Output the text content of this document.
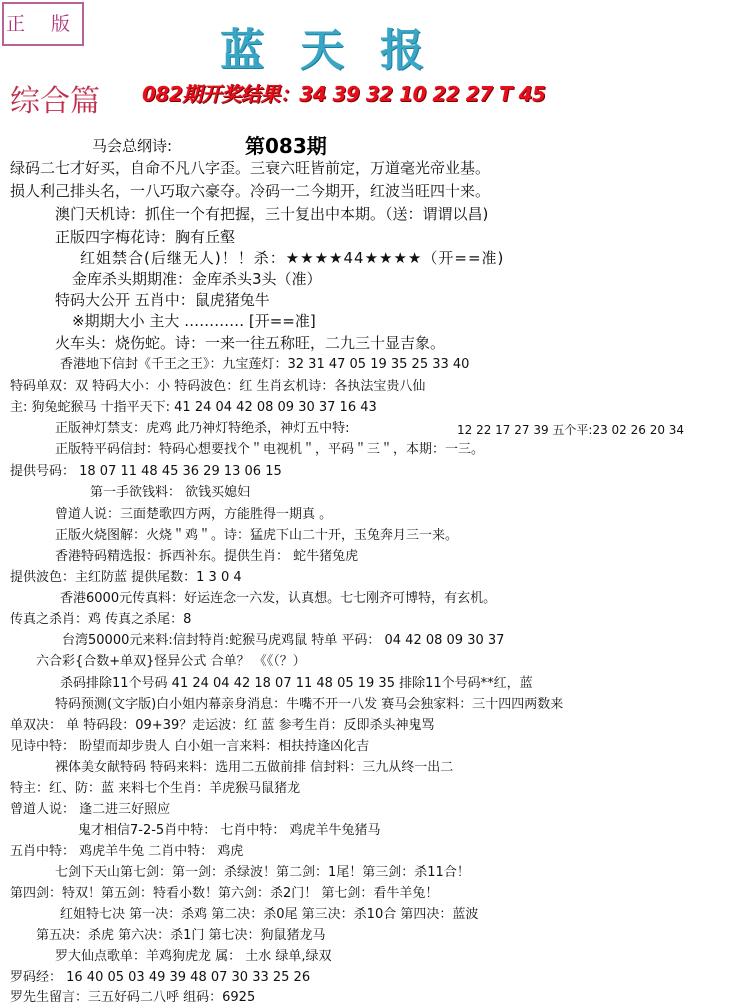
正 版
蓝天报
综合篇 082期开奖结果：34 39 32 10 22 27 T 45
第083期
马会总纲诗:
绿码二七才好买，自命不凡八字歪。三衰六旺皆前定，万道毫光帝业基。
损人利己排头名，一八巧取六豪夺。冷码一二今期开，红波当旺四十来。
澳门天机诗：抓住一个有把握，三十复出中本期。（送：谓谓以昌)
正版四字梅花诗：胸有丘壑
红姐禁合(后继无人)！！杀：★★★★44★★★★（开==准)
金库杀头期期准：金库杀头3头（准）
特码大公开 五肖中：鼠虎猪兔牛
※期期大小 主大 ………… [开==准]
火车头：烧伤蛇。诗：一来一往五称旺，二九三十显吉象。
香港地下信封《千王之王》：九宝莲灯：32 31 47 05 19 35 25 33 40
特码单双：双 特码大小：小 特码波色：红 生肖玄机诗：各执法宝贵八仙
主: 狗兔蛇猴马 十指平天下: 41 24 04 42 08 09 30 37 16 43
正版神灯禁支：虎鸡 此乃神灯特绝杀，神灯五中特:	12 22 17 27 39 五个平:23 02 26 20 34
正版特平码信封：特码心想要找个＂电视机＂，平码＂三＂，本期：一三。
提供号码： 18 07 11 48 45 36 29 13 06 15
第一手欲钱料： 欲钱买媳妇
曾道人说：三面楚歌四方两，方能胜得一期真 。
正版火烧图解：火烧＂鸡＂。诗：猛虎下山二十开，玉兔奔月三一来。
香港特码精选报：拆西补东。提供生肖： 蛇牛猪兔虎
提供波色：主红防蓝 提供尾数：1 3 0 4
香港6000元传真料：好运连念一六发，认真想。七七刚齐可博特，有玄机。
传真之杀肖：鸡 传真之杀尾：8
台湾50000元来料:信封特肖:蛇猴马虎鸡鼠 特单 平码： 04 42 08 09 30 37
六合彩{合数+单双}怪异公式 合单？ 《《（？）
杀码排除11个号码 41 24 04 42 18 07 11 48 05 19 35 排除11个号码**红，蓝
特码预测(文字版)白小姐内幕亲身消息：牛嘴不开一八发 赛马会独家料：三十四四两数来
单双决： 单 特码段：09+39？走运波：红 蓝 参考生肖：反即杀头神鬼骂
见诗中特： 盼望而却步贵人 白小姐一言来料：相扶持逢凶化吉
裸体美女献特码 特码来料：选用二五做前排 信封料：三九从终一出二
特主：红、防：蓝 来料七个生肖：羊虎猴马鼠猪龙
曾道人说： 逢二进三好照应
鬼才相信7-2-5肖中特： 七肖中特： 鸡虎羊牛兔猪马
五肖中特： 鸡虎羊牛兔 二肖中特： 鸡虎
七剑下天山第七剑：第一剑：杀绿波！第二剑：1尾！第三剑：杀11合！
第四剑：特双！第五剑：特看小数！第六剑：杀2门！ 第七剑：看牛羊兔！
红姐特七决 第一决：杀鸡 第二决：杀0尾 第三决：杀10合 第四决：蓝波
第五决：杀虎 第六决：杀1门 第七决：狗鼠猪龙马
罗大仙点歌单：羊鸡狗虎龙 属： 土水 绿单,绿双
罗码经： 16 40 05 03 49 39 48 07 30 33 25 26
罗先生留言：三五好码二八呼 组码：6925
